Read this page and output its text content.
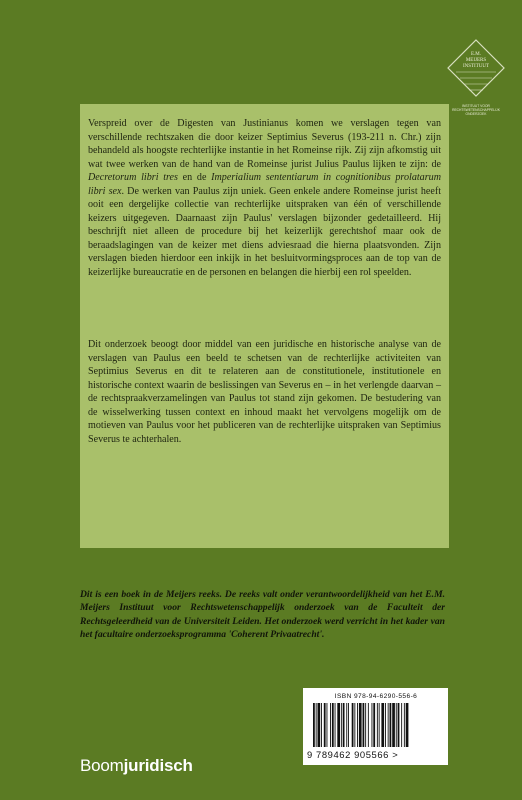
E.M.
MEIJERS
INSTITUUT
INSTITUUT VOOR
RECHTSWETENSCHAPPELIJK
ONDERZOEK

Verspreid over de Digesten van Justinianus komen we verslagen tegen van verschillende rechtszaken die door keizer Septimius Severus (193-211 n. Chr.) zijn behandeld als hoogste rechterlijke instantie in het Romeinse rijk. Zij zijn afkomstig uit wat twee werken van de hand van de Romeinse jurist Julius Paulus lijken te zijn: de Decretorum libri tres en de Imperialium sententiarum in cognitionibus prolatarum libri sex. De werken van Paulus zijn uniek. Geen enkele andere Romeinse jurist heeft ooit een dergelijke collectie van rechterlijke uitspraken van één of verschillende keizers uitgegeven. Daarnaast zijn Paulus' verslagen bijzonder gedetailleerd. Hij beschrijft niet alleen de procedure bij het keizerlijk gerechtshof maar ook de beraadslagingen van de keizer met diens adviesraad die hierna plaatsvonden. Zijn verslagen bieden hierdoor een inkijk in het besluitvormingsproces aan de top van de keizerlijke bureaucratie en de personen en belangen die hierbij een rol speelden.

Dit onderzoek beoogt door middel van een juridische en historische analyse van de verslagen van Paulus een beeld te schetsen van de rechterlijke activiteiten van Septimius Severus en dit te relateren aan de constitutionele, institutionele en historische context waarin de beslissingen van Severus en – in het verlengde daarvan – de rechtspraakverzamelingen van Paulus tot stand zijn gekomen. De bestudering van de wisselwerking tussen context en inhoud maakt het vervolgens mogelijk om de motieven van Paulus voor het publiceren van de rechterlijke uitspraken van Septimius Severus te achterhalen.

Dit is een boek in de Meijers reeks. De reeks valt onder verantwoordelijkheid van het E.M. Meijers Instituut voor Rechtswetenschappelijk onderzoek van de Faculteit der Rechtsgeleerdheid van de Universiteit Leiden. Het onderzoek werd verricht in het kader van het facultaire onderzoeksprogramma 'Coherent Privaatrecht'.

ISBN 978-94-6290-556-6
9 789462 905566 >
Boomjuridisch
